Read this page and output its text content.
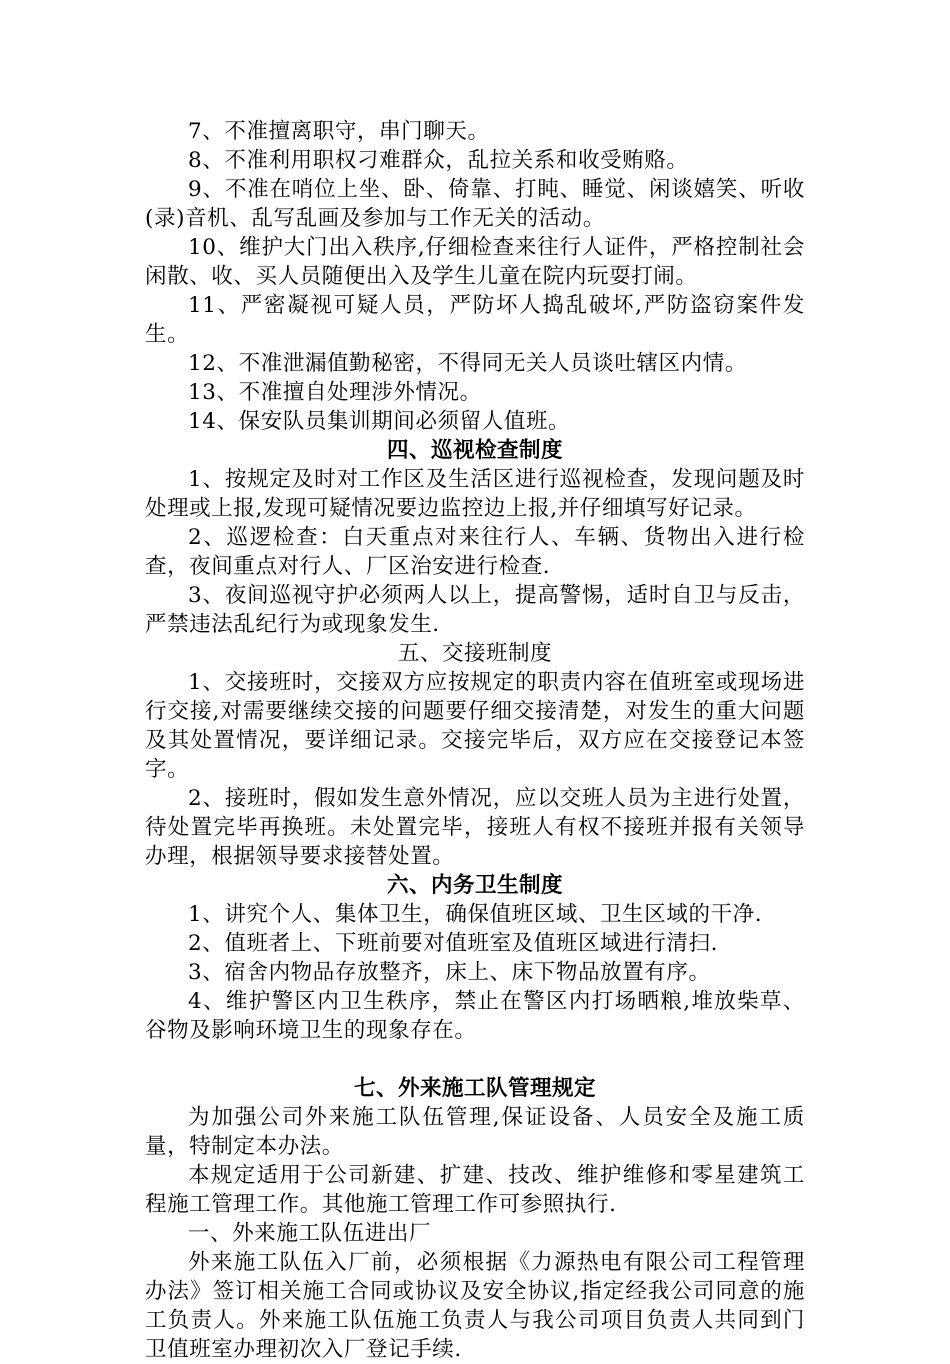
7、不准擅离职守，串门聊天。

8、不准利用职权刁难群众，乱拉关系和收受贿赂。

9、不准在哨位上坐、卧、倚靠、打盹、睡觉、闲谈嬉笑、听收(录)音机、乱写乱画及参加与工作无关的活动。

10、维护大门出入秩序,仔细检查来往行人证件，严格控制社会闲散、收、买人员随便出入及学生儿童在院内玩耍打闹。

11、严密凝视可疑人员，严防坏人捣乱破坏,严防盗窃案件发生。

12、不准泄漏值勤秘密，不得同无关人员谈吐辖区内情。

13、不准擅自处理涉外情况。

14、保安队员集训期间必须留人值班。

四、巡视检查制度

1、按规定及时对工作区及生活区进行巡视检查，发现问题及时处理或上报,发现可疑情况要边监控边上报,并仔细填写好记录。

2、巡逻检查：白天重点对来往行人、车辆、货物出入进行检查，夜间重点对行人、厂区治安进行检查.

3、夜间巡视守护必须两人以上，提高警惕，适时自卫与反击，严禁违法乱纪行为或现象发生.

五、交接班制度

1、交接班时，交接双方应按规定的职责内容在值班室或现场进行交接,对需要继续交接的问题要仔细交接清楚，对发生的重大问题及其处置情况，要详细记录。交接完毕后，双方应在交接登记本签字。

2、接班时，假如发生意外情况，应以交班人员为主进行处置，待处置完毕再换班。未处置完毕，接班人有权不接班并报有关领导办理，根据领导要求接替处置。

六、内务卫生制度

1、讲究个人、集体卫生，确保值班区域、卫生区域的干净.

2、值班者上、下班前要对值班室及值班区域进行清扫.

3、宿舍内物品存放整齐，床上、床下物品放置有序。

4、维护警区内卫生秩序，禁止在警区内打场晒粮,堆放柴草、谷物及影响环境卫生的现象存在。

七、外来施工队管理规定

为加强公司外来施工队伍管理,保证设备、人员安全及施工质量，特制定本办法。

本规定适用于公司新建、扩建、技改、维护维修和零星建筑工程施工管理工作。其他施工管理工作可参照执行.

一、外来施工队伍进出厂

外来施工队伍入厂前，必须根据《力源热电有限公司工程管理办法》签订相关施工合同或协议及安全协议,指定经我公司同意的施工负责人。外来施工队伍施工负责人与我公司项目负责人共同到门卫值班室办理初次入厂登记手续.
